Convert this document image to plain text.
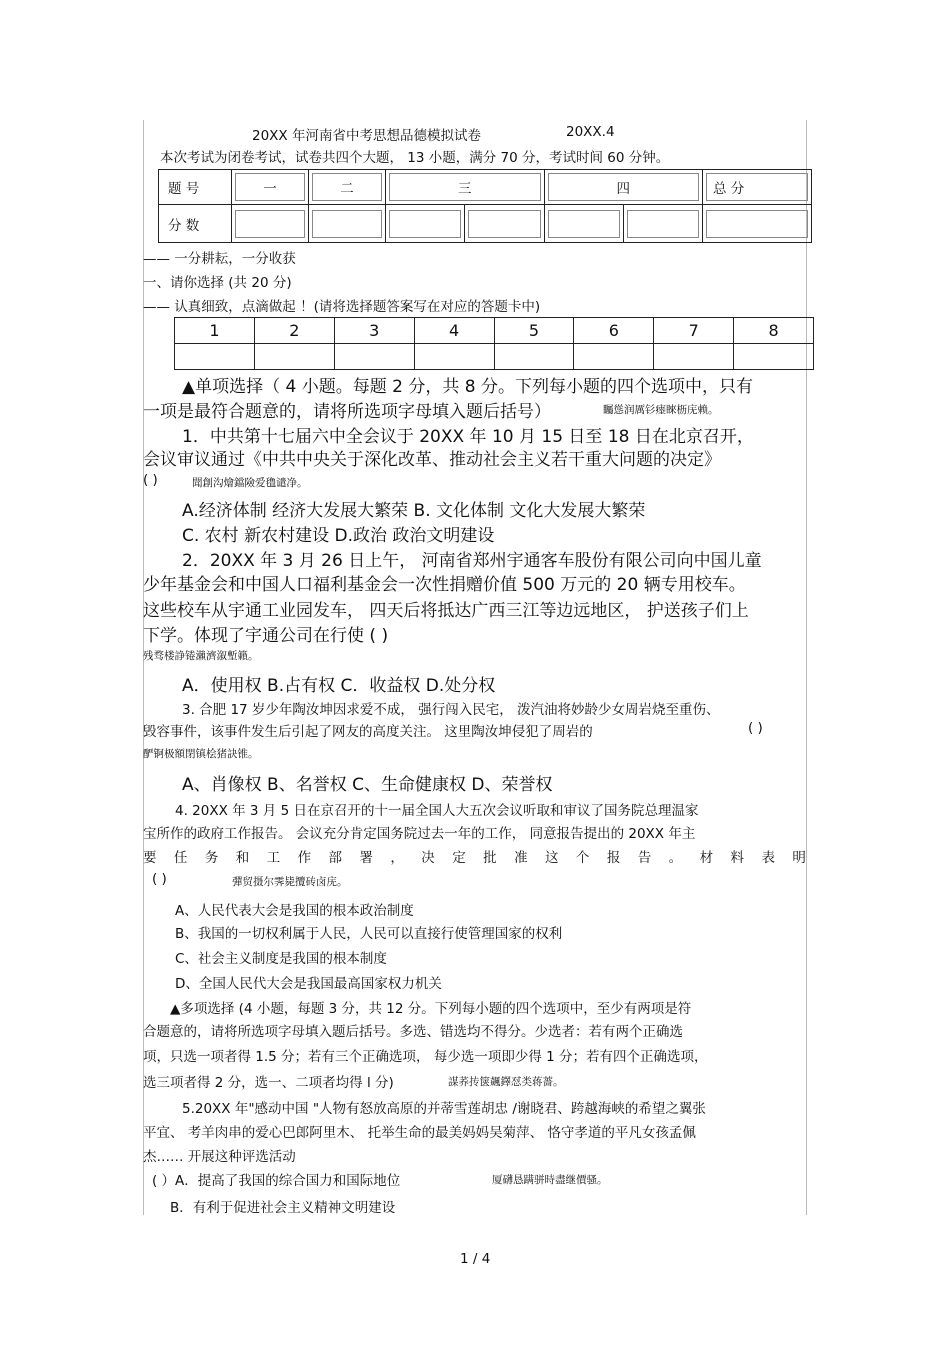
20XX 年河南省中考思想品德模拟试卷	20XX.4
本次考试为闭卷考试，试卷共四个大题， 13 小题，满分 70 分，考试时间 60 分钟。
题 号	一	二	三		四		总 分

分 数							

—— 一分耕耘，一分收获
一、请你选择 (共 20 分)
—— 认真细致，点滴做起 ！(请将选择题答案写在对应的答题卡中)
1	2	3	4	5	6	7	8

▲单项选择（ 4 小题。每题 2 分，共 8 分。下列每小题的四个选项中，只有
一项是最符合题意的，请将所选项字母填入题后括号）	矚慫润厲钐瘗睞枥庑赖。
1．中共第十七届六中全会议于 20XX 年 10 月 15 日至 18 日在北京召开，
会议审议通过《中共中央关于深化改革、推动社会主义若干重大问题的决定》
( )	聞創沟燴鐺險爱氇谴净。
A.经济体制 经济大发展大繁荣 B. 文化体制 文化大发展大繁荣
C. 农村 新农村建设 D.政治 政治文明建设
2．20XX 年 3 月 26 日上午， 河南省郑州宇通客车股份有限公司向中国儿童
少年基金会和中国人口福利基金会一次性捐赠价值 500 万元的 20 辆专用校车。
这些校车从宇通工业园发车， 四天后将抵达广西三江等边远地区， 护送孩子们上
下学。体现了宇通公司在行使 ( )
残骛楼諍锩瀨濟溆塹籟。
A．使用权 B.占有权 C．收益权 D.处分权
3. 合肥 17 岁少年陶汝坤因求爱不成， 强行闯入民宅， 泼汽油将妙龄少女周岩烧至重伤、
毁容事件，该事件发生后引起了网友的高度关注。 这里陶汝坤侵犯了周岩的	( )
酽锕极額閉镇桧猪訣锥。
A、肖像权 B、名誉权 C、生命健康权 D、荣誉权
4. 20XX 年 3 月 5 日在京召开的十一届全国人大五次会议听取和审议了国务院总理温家
宝所作的政府工作报告。 会议充分肯定国务院过去一年的工作， 同意报告提出的 20XX 年主
要 任 务 和 工 作 部 署 ， 决 定 批 准 这 个 报 告 。 材 料 表 明
( )	彈贸摄尔霁毙攬砖卤庑。
A、人民代表大会是我国的根本政治制度
B、我国的一切权利属于人民，人民可以直接行使管理国家的权利
C、社会主义制度是我国的根本制度
D、全国人民代大会是我国最高国家权力机关
▲多项选择 (4 小题，每题 3 分，共 12 分。下列每小题的四个选项中，至少有两项是符
合题意的，请将所选项字母填入题后括号。多选、错选均不得分。少选者：若有两个正确选
项，只选一项者得 1.5 分；若有三个正确选项， 每少选一项即少得 1 分；若有四个正确选项，
选三项者得 2 分，选一、二项者均得 l 分)	謀荞抟箧飆鐸怼类蒋薔。
5.20XX 年"感动中国 "人物有怒放高原的并蒂雪莲胡忠 /谢晓君、跨越海峡的希望之翼张
平宜、 考羊肉串的爱心巴郎阿里木、 托举生命的最美妈妈吴菊萍、 恪守孝道的平凡女孩孟佩
杰…… 开展这种评选活动
( ）A．提高了我国的综合国力和国际地位	厦礴恳蹒骈時盡继價骚。
B．有利于促进社会主义精神文明建设
1 / 4
